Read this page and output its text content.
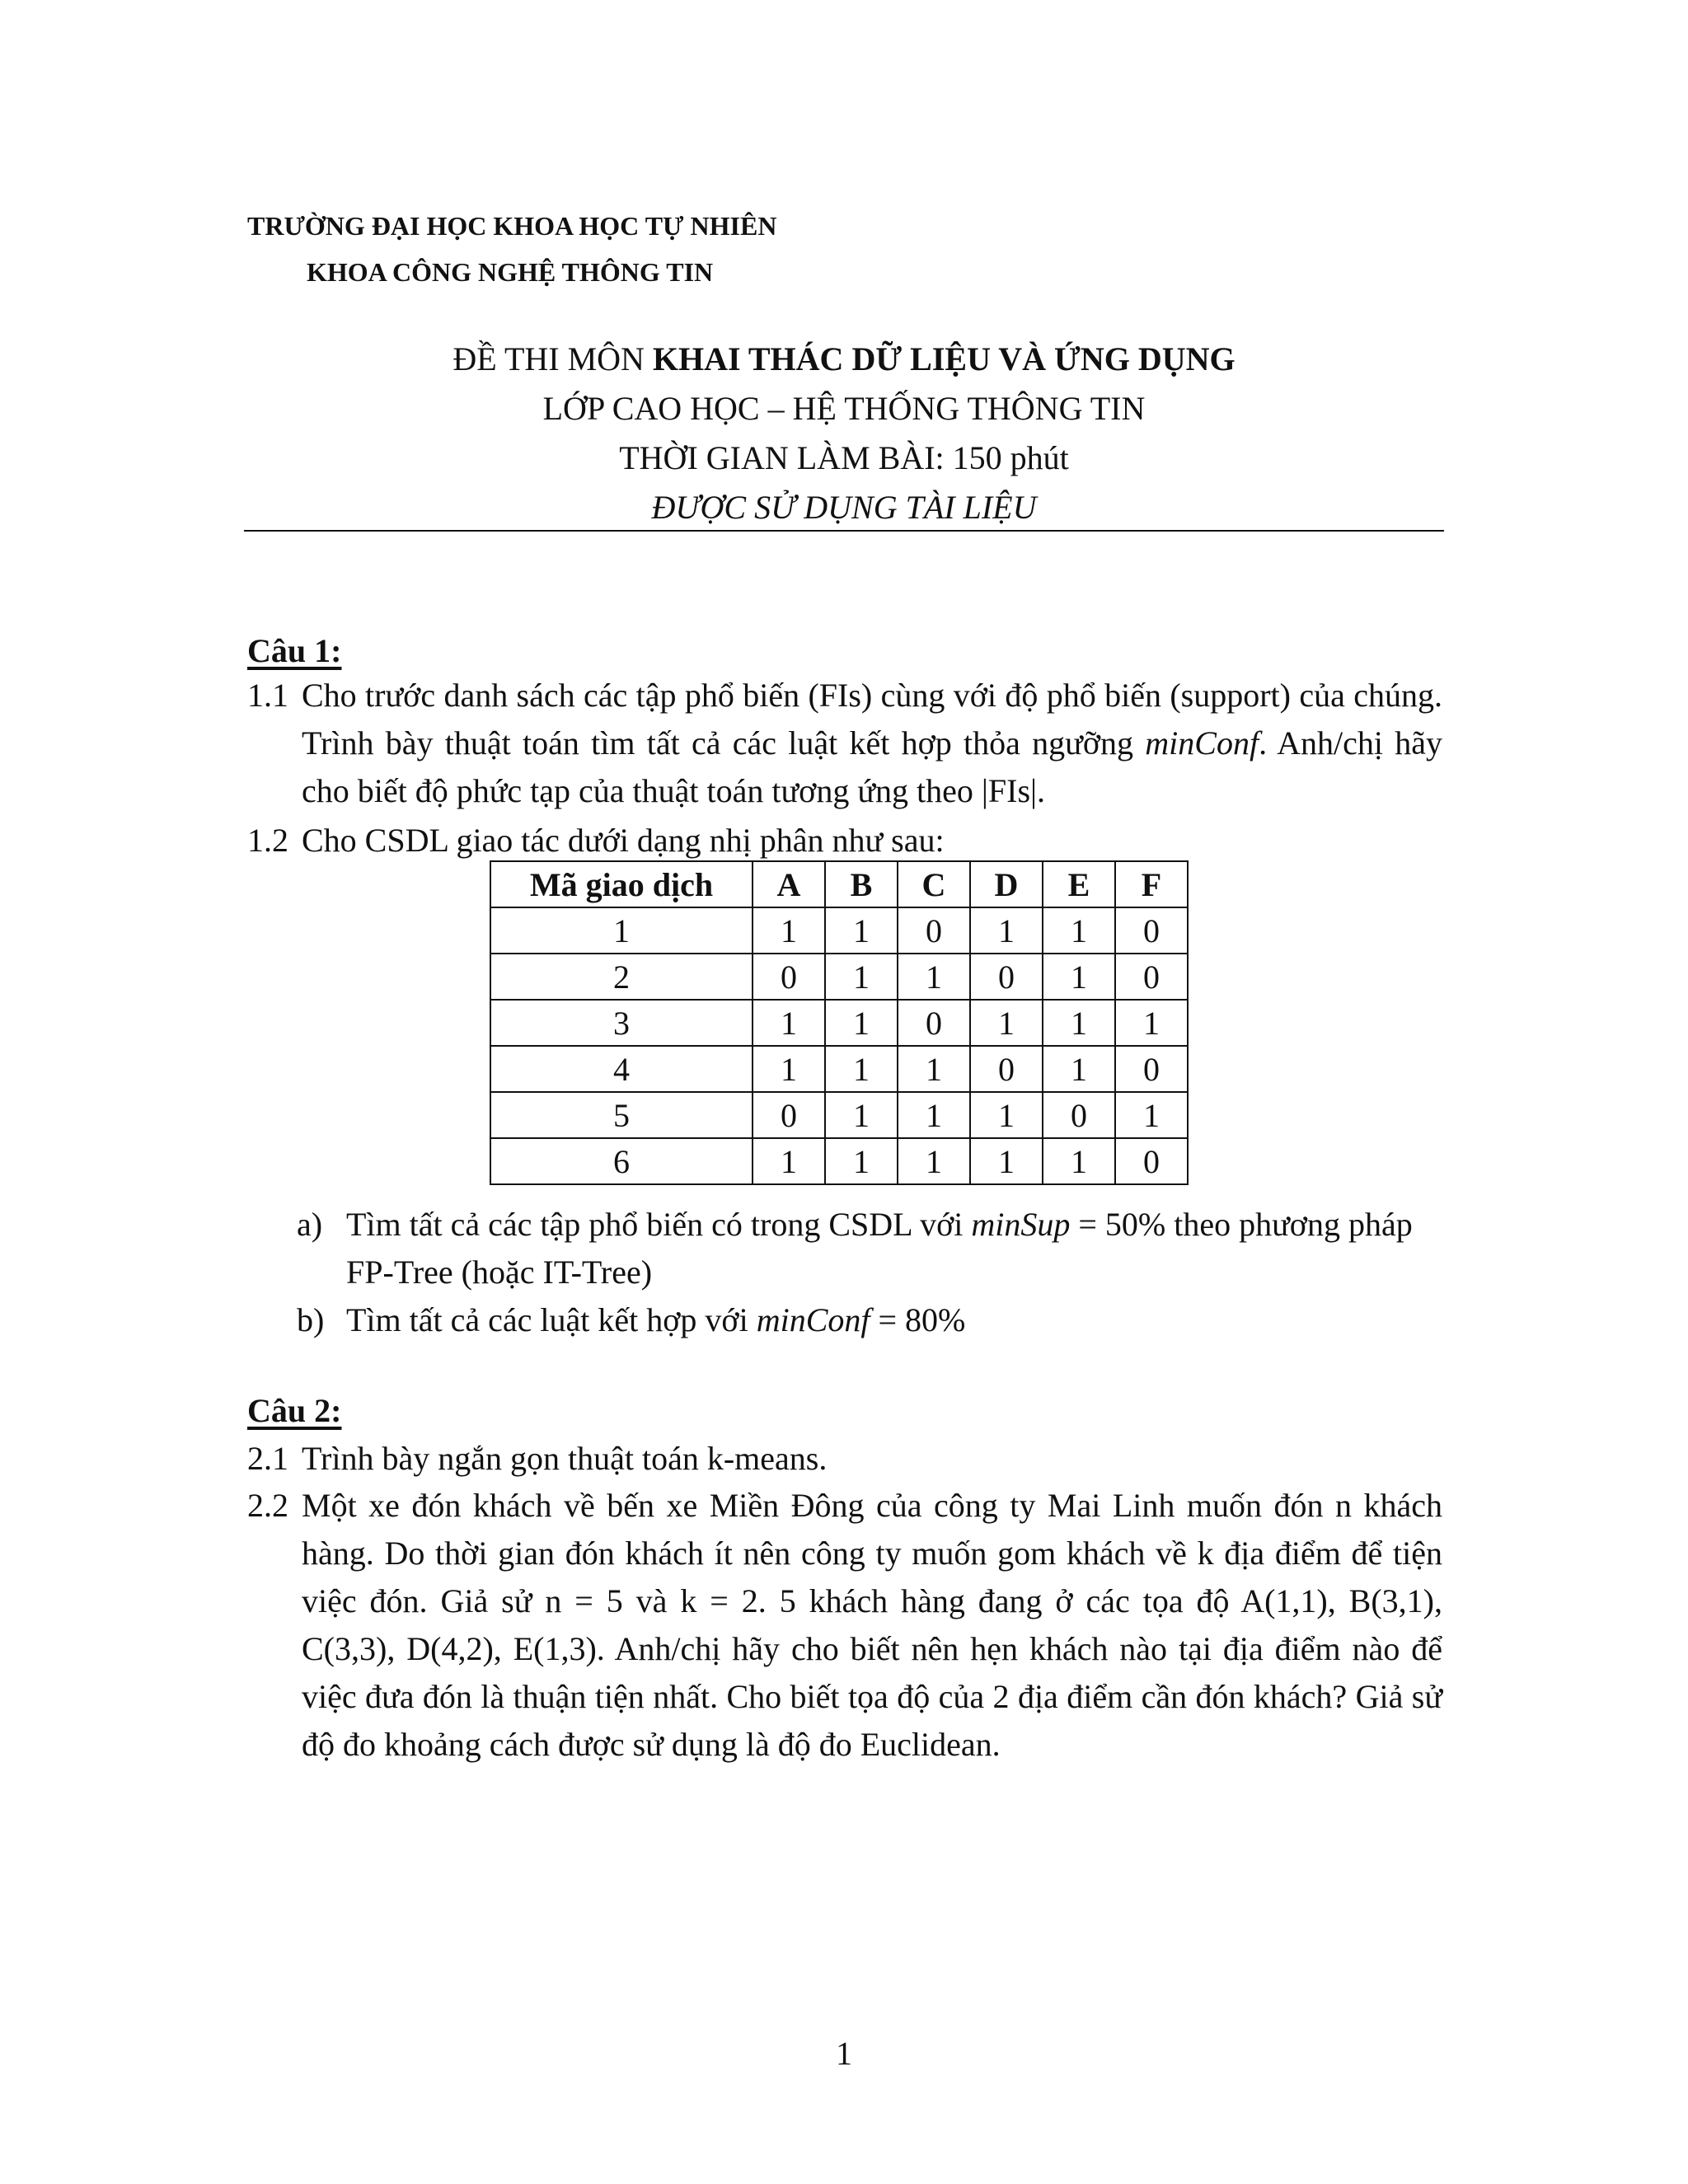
TRƯỜNG ĐẠI HỌC KHOA HỌC TỰ NHIÊN
KHOA CÔNG NGHỆ THÔNG TIN
ĐỀ THI MÔN KHAI THÁC DỮ LIỆU VÀ ỨNG DỤNG
LỚP CAO HỌC – HỆ THỐNG THÔNG TIN
THỜI GIAN LÀM BÀI: 150 phút
ĐƯỢC SỬ DỤNG TÀI LIỆU
Câu 1:
1.1 Cho trước danh sách các tập phổ biến (FIs) cùng với độ phổ biến (support) của chúng. Trình bày thuật toán tìm tất cả các luật kết hợp thỏa ngưỡng minConf. Anh/chị hãy cho biết độ phức tạp của thuật toán tương ứng theo |FIs|.
1.2 Cho CSDL giao tác dưới dạng nhị phân như sau:
Mã giao dịch	A	B	C	D	E	F
1	1	1	0	1	1	0
2	0	1	1	0	1	0
3	1	1	0	1	1	1
4	1	1	1	0	1	0
5	0	1	1	1	0	1
6	1	1	1	1	1	0
a) Tìm tất cả các tập phổ biến có trong CSDL với minSup = 50% theo phương pháp FP-Tree (hoặc IT-Tree)
b) Tìm tất cả các luật kết hợp với minConf = 80%
Câu 2:
2.1 Trình bày ngắn gọn thuật toán k-means.
2.2 Một xe đón khách về bến xe Miền Đông của công ty Mai Linh muốn đón n khách hàng. Do thời gian đón khách ít nên công ty muốn gom khách về k địa điểm để tiện việc đón. Giả sử n = 5 và k = 2. 5 khách hàng đang ở các tọa độ A(1,1), B(3,1), C(3,3), D(4,2), E(1,3). Anh/chị hãy cho biết nên hẹn khách nào tại địa điểm nào để việc đưa đón là thuận tiện nhất. Cho biết tọa độ của 2 địa điểm cần đón khách? Giả sử độ đo khoảng cách được sử dụng là độ đo Euclidean.
1
